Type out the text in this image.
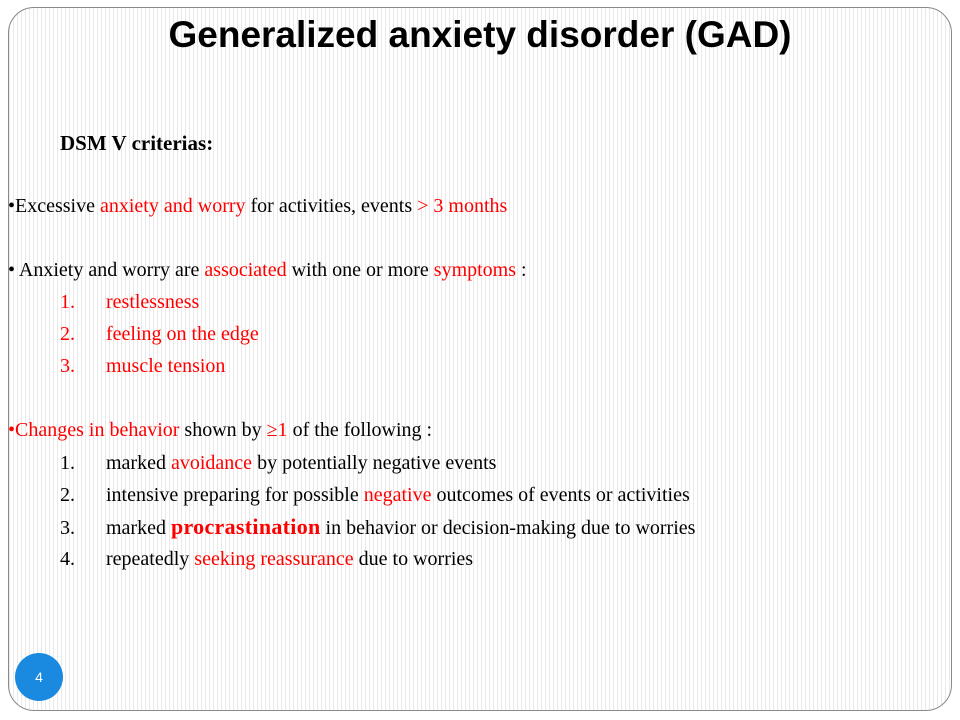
Generalized anxiety disorder (GAD)
DSM V criterias:
•Excessive anxiety and worry for activities, events > 3 months
• Anxiety and worry are associated with one or more symptoms :
1. restlessness
2. feeling on the edge
3. muscle tension
•Changes in behavior shown by ≥1 of the following :
1. marked avoidance by potentially negative events
2. intensive preparing for possible negative outcomes of events or activities
3. marked procrastination in behavior or decision-making due to worries
4. repeatedly seeking reassurance due to worries
4
